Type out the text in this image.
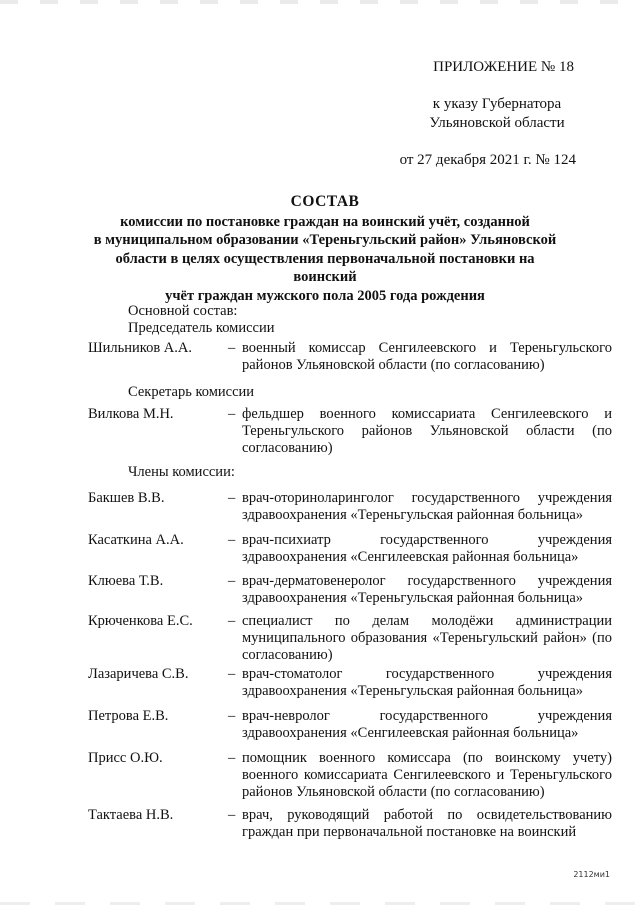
ПРИЛОЖЕНИЕ № 18
к указу Губернатора
Ульяновской области
от 27 декабря 2021 г. № 124
СОСТАВ
комиссии по постановке граждан на воинский учёт, созданной
в муниципальном образовании «Тереньгульский район» Ульяновской
области в целях осуществления первоначальной постановки на воинский
учёт граждан мужского пола 2005 года рождения
Основной состав:
Председатель комиссии
Шильников А.А.	– военный комиссар Сенгилеевского и Тереньгульского районов Ульяновской области (по согласованию)
Секретарь комиссии
Вилкова М.Н.	– фельдшер военного комиссариата Сенгилеевского и Тереньгульского районов Ульяновской области (по согласованию)
Члены комиссии:
Бакшев В.В.	– врач-оториноларинголог государственного учреждения здравоохранения «Тереньгульская районная больница»
Касаткина А.А.	– врач-психиатр государственного учреждения здравоохранения «Сенгилеевская районная больница»
Клюева Т.В.	– врач-дерматовенеролог государственного учреждения здравоохранения «Тереньгульская районная больница»
Крюченкова Е.С.	– специалист по делам молодёжи администрации муниципального образования «Тереньгульский район» (по согласованию)
Лазаричева С.В.	– врач-стоматолог государственного учреждения здравоохранения «Тереньгульская районная больница»
Петрова Е.В.	– врач-невролог государственного учреждения здравоохранения «Сенгилеевская районная больница»
Присс О.Ю.	– помощник военного комиссара (по воинскому учету) военного комиссариата Сенгилеевского и Тереньгульского районов Ульяновской области (по согласованию)
Тактаева Н.В.	– врач, руководящий работой по освидетельствованию граждан при первоначальной постановке на воинский
2112ми1
